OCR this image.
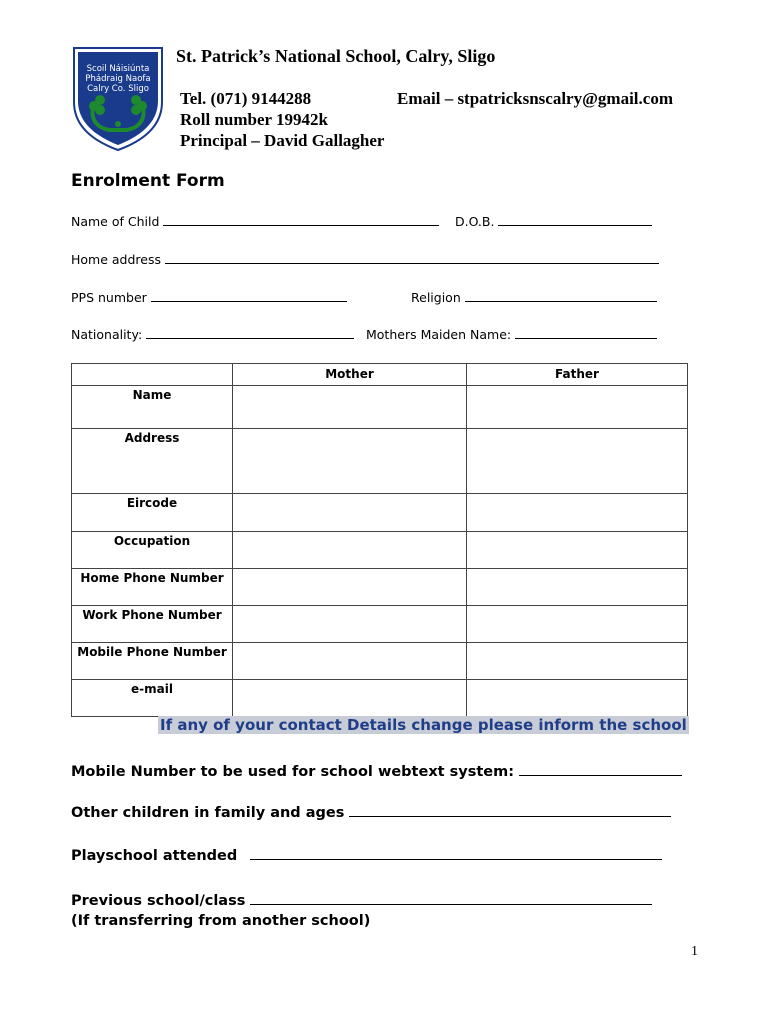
Scoil Náisiúnta
Phádraig Naofa
Calry Co. Sligo
St. Patrick’s National School, Calry, Sligo
Tel. (071) 9144288	Email – stpatricksnscalry@gmail.com
Roll number 19942k
Principal – David Gallagher
Enrolment Form
Name of Child	D.O.B.
Home address
PPS number	Religion
Nationality:	Mothers Maiden Name:
	Mother	Father
Name		
Address		
Eircode		
Occupation		
Home Phone Number		
Work Phone Number		
Mobile Phone Number		
e-mail		
If any of your contact Details change please inform the school
Mobile Number to be used for school webtext system:
Other children in family and ages
Playschool attended
Previous school/class
(If transferring from another school)
1
